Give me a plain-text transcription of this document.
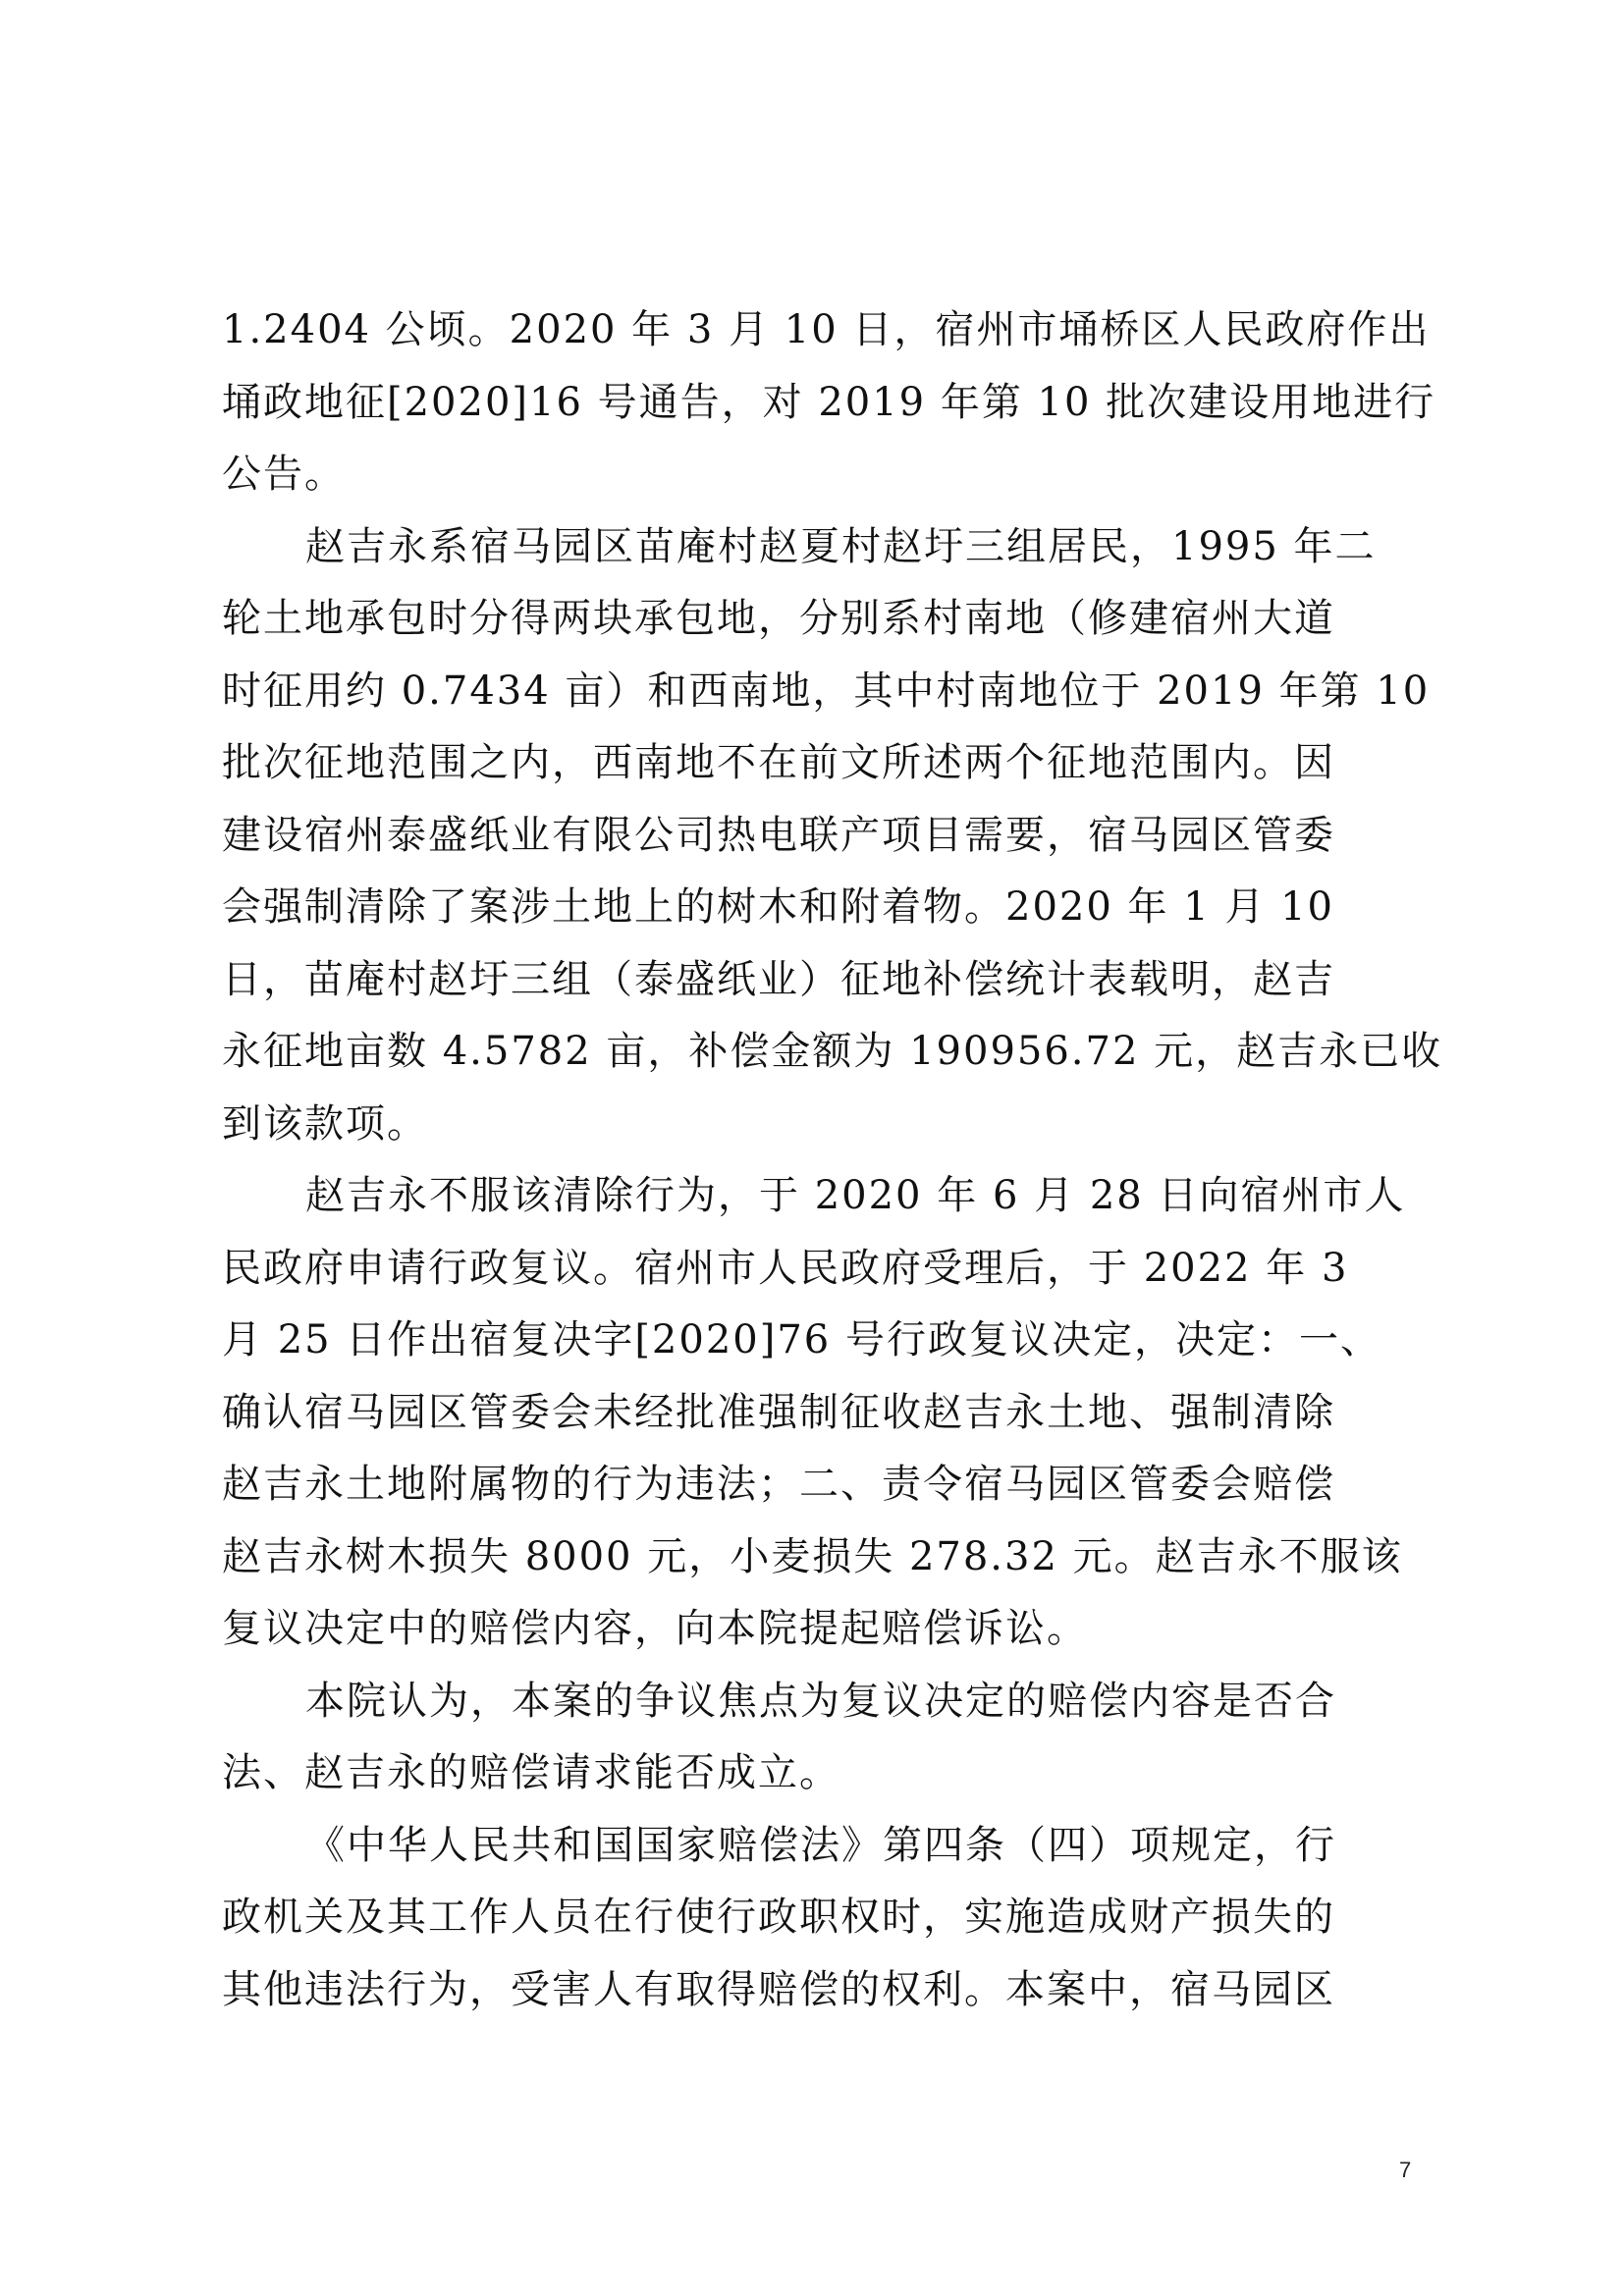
1.2404 公顷。2020 年 3 月 10 日，宿州市埇桥区人民政府作出
埇政地征[2020]16 号通告，对 2019 年第 10 批次建设用地进行
公告。
赵吉永系宿马园区苗庵村赵夏村赵圩三组居民，1995 年二
轮土地承包时分得两块承包地，分别系村南地（修建宿州大道
时征用约 0.7434 亩）和西南地，其中村南地位于 2019 年第 10
批次征地范围之内，西南地不在前文所述两个征地范围内。因
建设宿州泰盛纸业有限公司热电联产项目需要，宿马园区管委
会强制清除了案涉土地上的树木和附着物。2020 年 1 月 10
日，苗庵村赵圩三组（泰盛纸业）征地补偿统计表载明，赵吉
永征地亩数 4.5782 亩，补偿金额为 190956.72 元，赵吉永已收
到该款项。
赵吉永不服该清除行为，于 2020 年 6 月 28 日向宿州市人
民政府申请行政复议。宿州市人民政府受理后，于 2022 年 3
月 25 日作出宿复决字[2020]76 号行政复议决定，决定：一、
确认宿马园区管委会未经批准强制征收赵吉永土地、强制清除
赵吉永土地附属物的行为违法；二、责令宿马园区管委会赔偿
赵吉永树木损失 8000 元，小麦损失 278.32 元。赵吉永不服该
复议决定中的赔偿内容，向本院提起赔偿诉讼。
本院认为，本案的争议焦点为复议决定的赔偿内容是否合
法、赵吉永的赔偿请求能否成立。
《中华人民共和国国家赔偿法》第四条（四）项规定，行
政机关及其工作人员在行使行政职权时，实施造成财产损失的
其他违法行为，受害人有取得赔偿的权利。本案中，宿马园区
7
